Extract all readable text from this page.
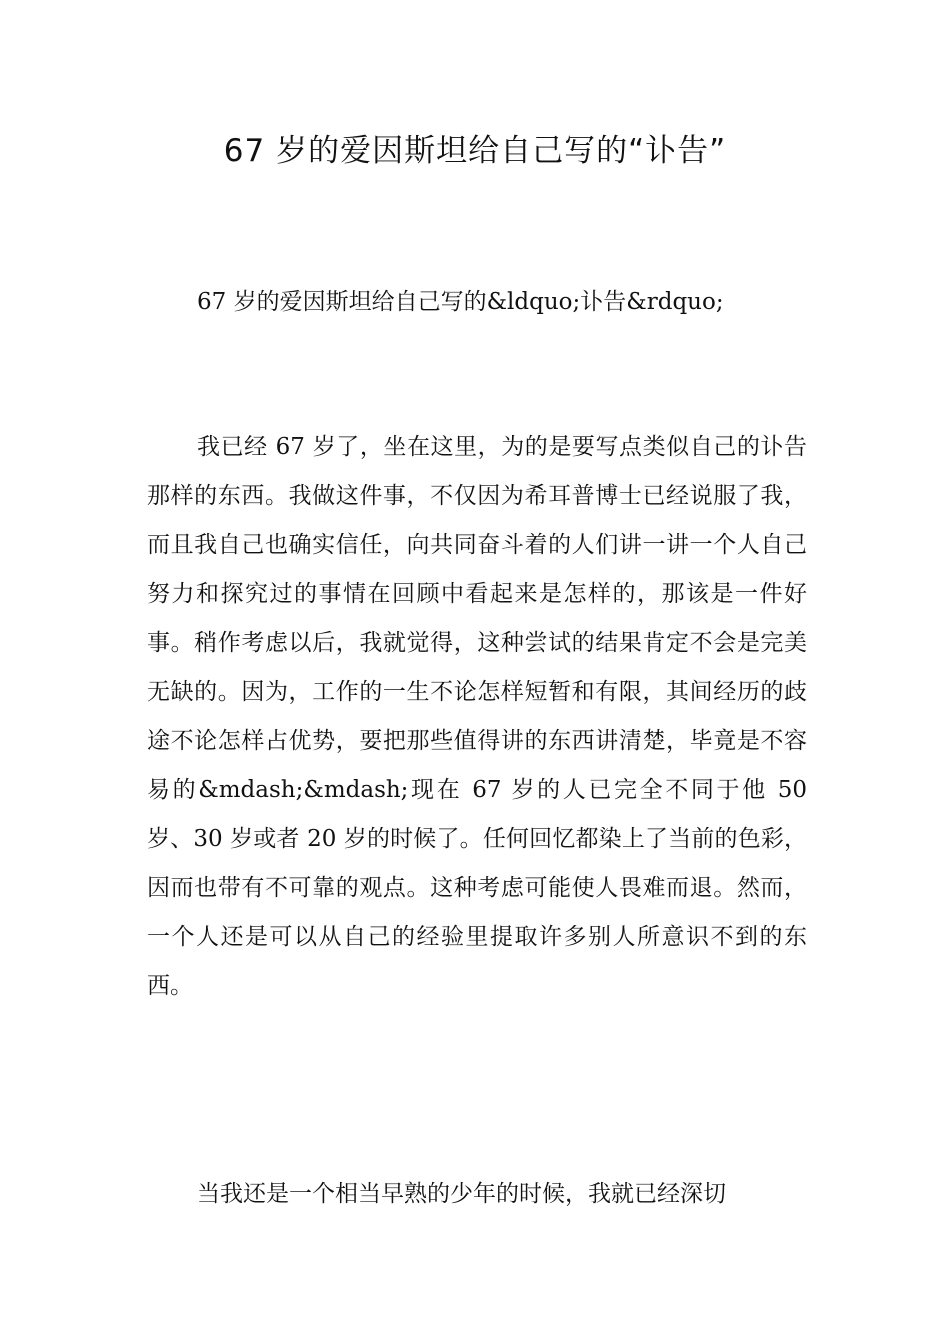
67 岁的爱因斯坦给自己写的“讣告”

67 岁的爱因斯坦给自己写的&ldquo;讣告&rdquo;

我已经 67 岁了，坐在这里，为的是要写点类似自己的讣告那样的东西。我做这件事，不仅因为希耳普博士已经说服了我，而且我自己也确实信任，向共同奋斗着的人们讲一讲一个人自己努力和探究过的事情在回顾中看起来是怎样的，那该是一件好事。稍作考虑以后，我就觉得，这种尝试的结果肯定不会是完美无缺的。因为，工作的一生不论怎样短暂和有限，其间经历的歧途不论怎样占优势，要把那些值得讲的东西讲清楚，毕竟是不容易的&mdash;&mdash;现在 67 岁的人已完全不同于他 50 岁、30 岁或者 20 岁的时候了。任何回忆都染上了当前的色彩，因而也带有不可靠的观点。这种考虑可能使人畏难而退。然而，一个人还是可以从自己的经验里提取许多别人所意识不到的东西。

当我还是一个相当早熟的少年的时候，我就已经深切
